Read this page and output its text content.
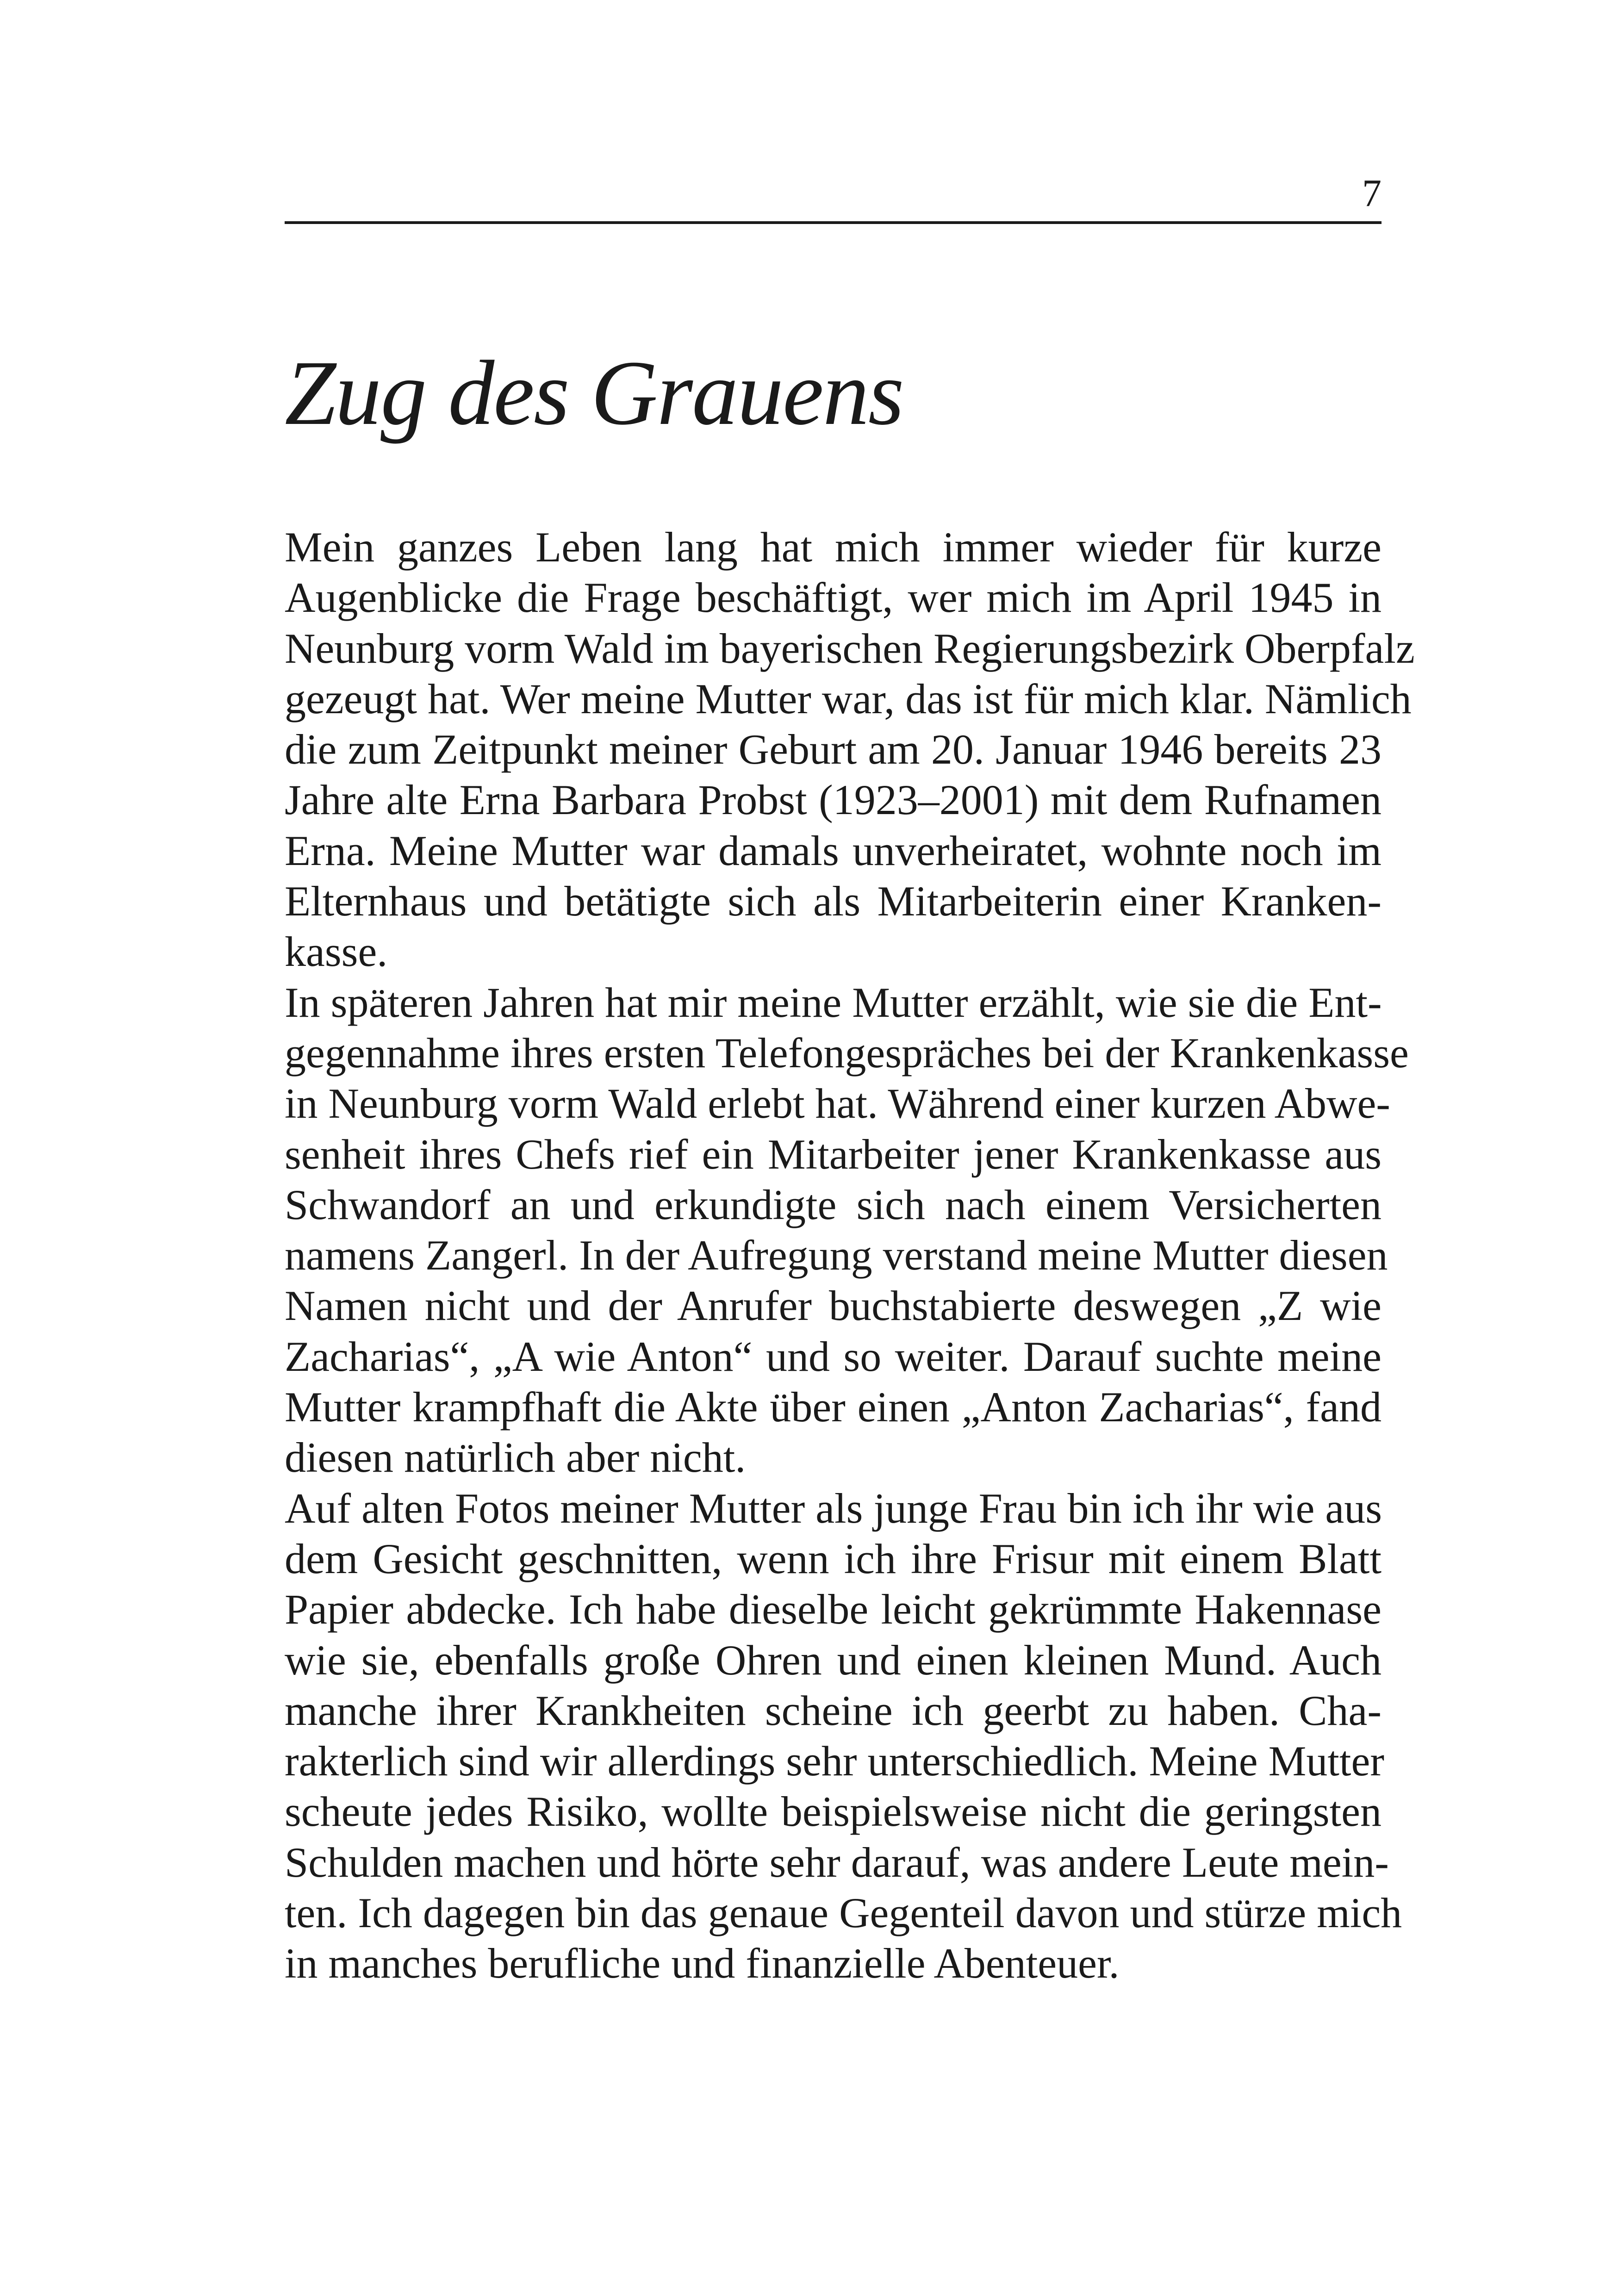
7
Zug des Grauens
Mein ganzes Leben lang hat mich immer wieder für kurze
Augenblicke die Frage beschäftigt, wer mich im April 1945 in
Neunburg vorm Wald im bayerischen Regierungsbezirk Oberpfalz
gezeugt hat. Wer meine Mutter war, das ist für mich klar. Nämlich
die zum Zeitpunkt meiner Geburt am 20. Januar 1946 bereits 23
Jahre alte Erna Barbara Probst (1923–2001) mit dem Rufnamen
Erna. Meine Mutter war damals unverheiratet, wohnte noch im
Elternhaus und betätigte sich als Mitarbeiterin einer Kranken-
kasse.
In späteren Jahren hat mir meine Mutter erzählt, wie sie die Ent-
gegennahme ihres ersten Telefongespräches bei der Krankenkasse
in Neunburg vorm Wald erlebt hat. Während einer kurzen Abwe-
senheit ihres Chefs rief ein Mitarbeiter jener Krankenkasse aus
Schwandorf an und erkundigte sich nach einem Versicherten
namens Zangerl. In der Aufregung verstand meine Mutter diesen
Namen nicht und der Anrufer buchstabierte deswegen „Z wie
Zacharias“, „A wie Anton“ und so weiter. Darauf suchte meine
Mutter krampfhaft die Akte über einen „Anton Zacharias“, fand
diesen natürlich aber nicht.
Auf alten Fotos meiner Mutter als junge Frau bin ich ihr wie aus
dem Gesicht geschnitten, wenn ich ihre Frisur mit einem Blatt
Papier abdecke. Ich habe dieselbe leicht gekrümmte Hakennase
wie sie, ebenfalls große Ohren und einen kleinen Mund. Auch
manche ihrer Krankheiten scheine ich geerbt zu haben. Cha-
rakterlich sind wir allerdings sehr unterschiedlich. Meine Mutter
scheute jedes Risiko, wollte beispielsweise nicht die geringsten
Schulden machen und hörte sehr darauf, was andere Leute mein-
ten. Ich dagegen bin das genaue Gegenteil davon und stürze mich
in manches berufliche und finanzielle Abenteuer.
